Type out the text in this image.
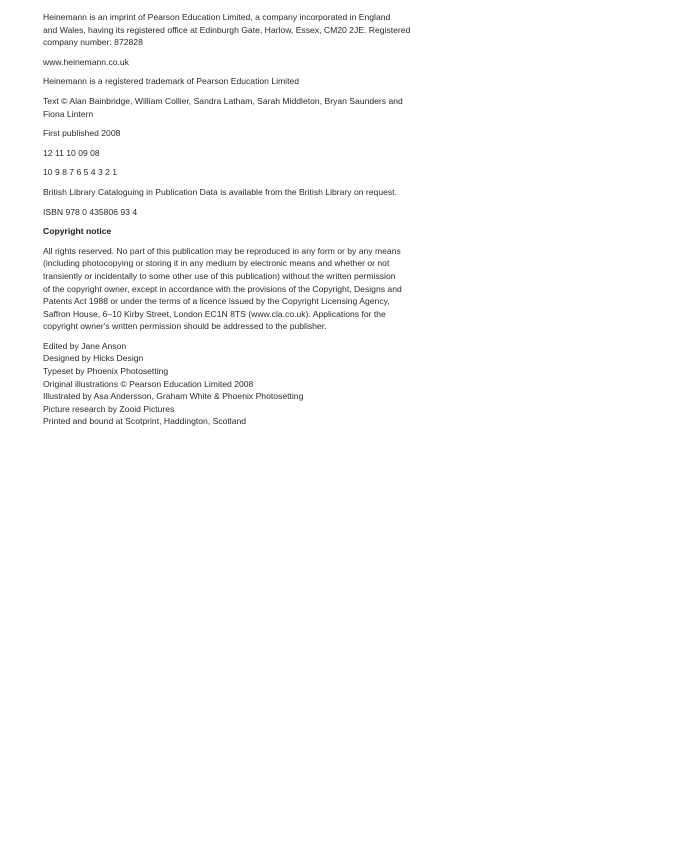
Heinemann is an imprint of Pearson Education Limited, a company incorporated in England
and Wales, having its registered office at Edinburgh Gate, Harlow, Essex, CM20 2JE. Registered
company number: 872828

www.heinemann.co.uk

Heinemann is a registered trademark of Pearson Education Limited

Text © Alan Bainbridge, William Collier, Sandra Latham, Sarah Middleton, Bryan Saunders and
Fiona Lintern

First published 2008

12 11 10 09 08

10 9 8 7 6 5 4 3 2 1

British Library Cataloguing in Publication Data is available from the British Library on request.

ISBN 978 0 435806 93 4

Copyright notice

All rights reserved. No part of this publication may be reproduced in any form or by any means
(including photocopying or storing it in any medium by electronic means and whether or not
transiently or incidentally to some other use of this publication) without the written permission
of the copyright owner, except in accordance with the provisions of the Copyright, Designs and
Patents Act 1988 or under the terms of a licence issued by the Copyright Licensing Agency,
Saffron House, 6–10 Kirby Street, London EC1N 8TS (www.cla.co.uk). Applications for the
copyright owner's written permission should be addressed to the publisher.

Edited by Jane Anson
Designed by Hicks Design
Typeset by Phoenix Photosetting
Original illustrations © Pearson Education Limited 2008
Illustrated by Asa Andersson, Graham White & Phoenix Photosetting
Picture research by Zooid Pictures
Printed and bound at Scotprint, Haddington, Scotland
